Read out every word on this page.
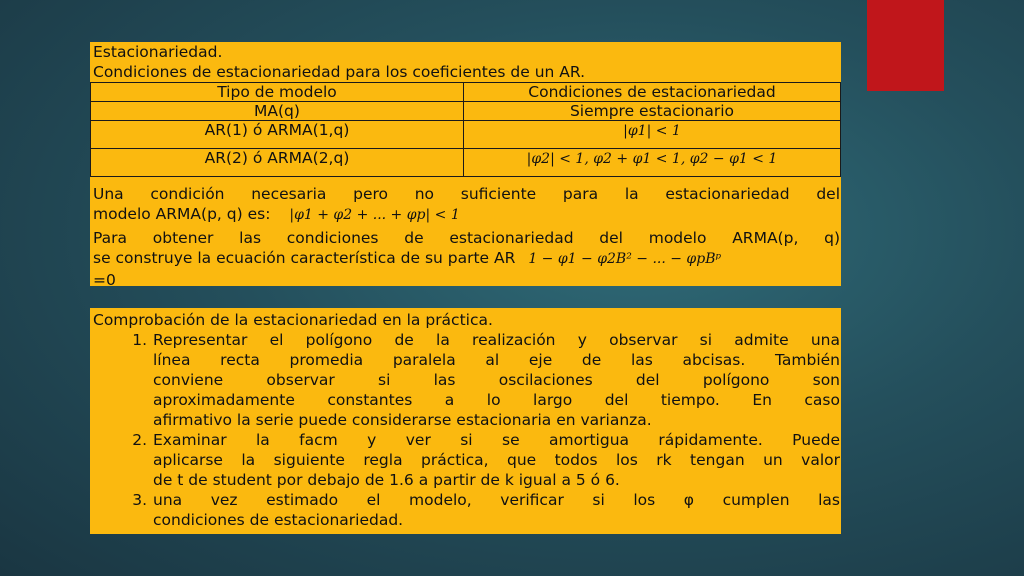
Estacionariedad.
Condiciones de estacionariedad para los coeficientes de un AR.
Tipo de modelo	Condiciones de estacionariedad
MA(q)	Siempre estacionario
AR(1) ó ARMA(1,q)	|φ1| < 1
AR(2) ó ARMA(2,q)	|φ2| < 1, φ2 + φ1 < 1, φ2 − φ1 < 1
Una condición necesaria pero no suficiente para la estacionariedad del
modelo ARMA(p, q) es: |φ1 + φ2 + ... + φp| < 1
Para obtener las condiciones de estacionariedad del modelo ARMA(p, q)
se construye la ecuación característica de su parte AR 1 − φ1 − φ2B² − ... − φpBᵖ
=0
Comprobación de la estacionariedad en la práctica.
1. Representar el polígono de la realización y observar si admite una
línea recta promedia paralela al eje de las abcisas. También
conviene observar si las oscilaciones del polígono son
aproximadamente constantes a lo largo del tiempo. En caso
afirmativo la serie puede considerarse estacionaria en varianza.
2. Examinar la facm y ver si se amortigua rápidamente. Puede
aplicarse la siguiente regla práctica, que todos los rk tengan un valor
de t de student por debajo de 1.6 a partir de k igual a 5 ó 6.
3. una vez estimado el modelo, verificar si los φ cumplen las
condiciones de estacionariedad.
